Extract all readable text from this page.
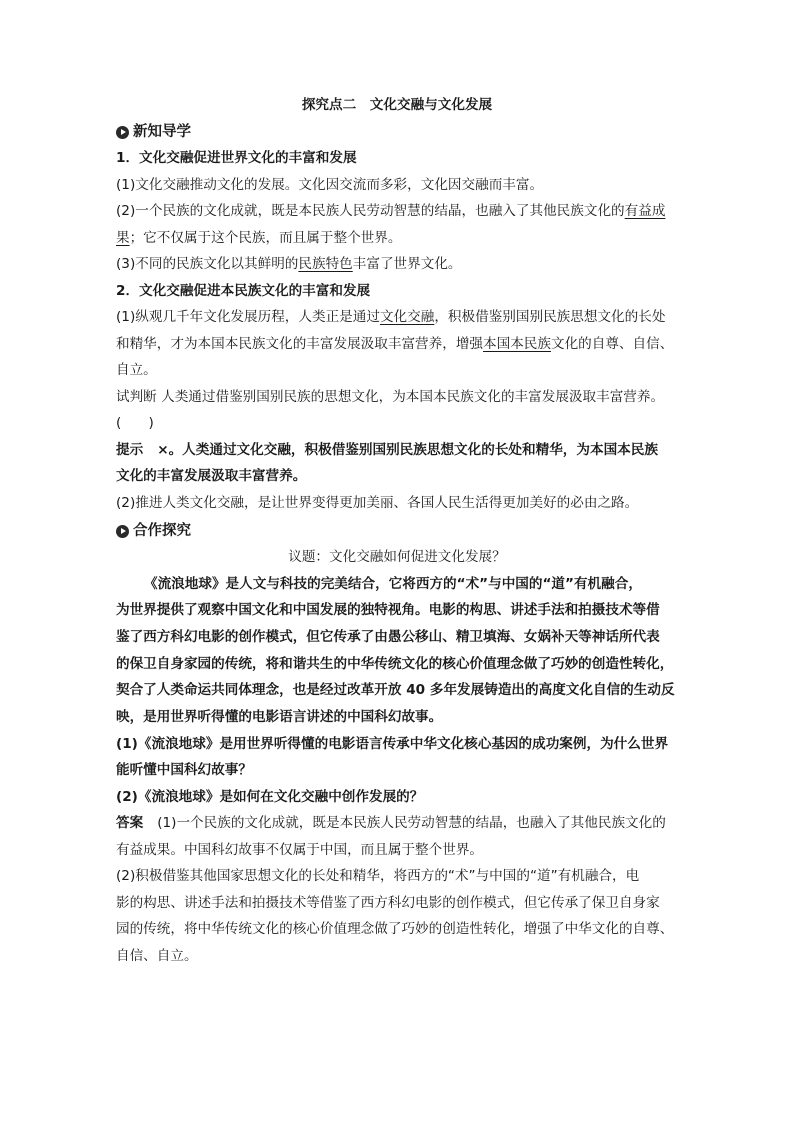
探究点二　文化交融与文化发展
新知导学
1．文化交融促进世界文化的丰富和发展
(1)文化交融推动文化的发展。文化因交流而多彩，文化因交融而丰富。
(2)一个民族的文化成就，既是本民族人民劳动智慧的结晶，也融入了其他民族文化的有益成
果；它不仅属于这个民族，而且属于整个世界。
(3)不同的民族文化以其鲜明的民族特色丰富了世界文化。
2．文化交融促进本民族文化的丰富和发展
(1)纵观几千年文化发展历程，人类正是通过文化交融，积极借鉴别国别民族思想文化的长处
和精华，才为本国本民族文化的丰富发展汲取丰富营养，增强本国本民族文化的自尊、自信、
自立。
试判断 人类通过借鉴别国别民族的思想文化，为本国本民族文化的丰富发展汲取丰富营养。
(　　)
提示 ×。人类通过文化交融，积极借鉴别国别民族思想文化的长处和精华，为本国本民族
文化的丰富发展汲取丰富营养。
(2)推进人类文化交融，是让世界变得更加美丽、各国人民生活得更加美好的必由之路。
合作探究
议题：文化交融如何促进文化发展？
《流浪地球》是人文与科技的完美结合，它将西方的“术”与中国的“道”有机融合，
为世界提供了观察中国文化和中国发展的独特视角。电影的构思、讲述手法和拍摄技术等借
鉴了西方科幻电影的创作模式，但它传承了由愚公移山、精卫填海、女娲补天等神话所代表
的保卫自身家园的传统，将和谐共生的中华传统文化的核心价值理念做了巧妙的创造性转化，
契合了人类命运共同体理念，也是经过改革开放 40 多年发展铸造出的高度文化自信的生动反
映，是用世界听得懂的电影语言讲述的中国科幻故事。
(1)《流浪地球》是用世界听得懂的电影语言传承中华文化核心基因的成功案例，为什么世界
能听懂中国科幻故事？
(2)《流浪地球》是如何在文化交融中创作发展的？
答案 (1)一个民族的文化成就，既是本民族人民劳动智慧的结晶，也融入了其他民族文化的
有益成果。中国科幻故事不仅属于中国，而且属于整个世界。
(2)积极借鉴其他国家思想文化的长处和精华，将西方的“术”与中国的“道”有机融合，电
影的构思、讲述手法和拍摄技术等借鉴了西方科幻电影的创作模式，但它传承了保卫自身家
园的传统，将中华传统文化的核心价值理念做了巧妙的创造性转化，增强了中华文化的自尊、
自信、自立。
